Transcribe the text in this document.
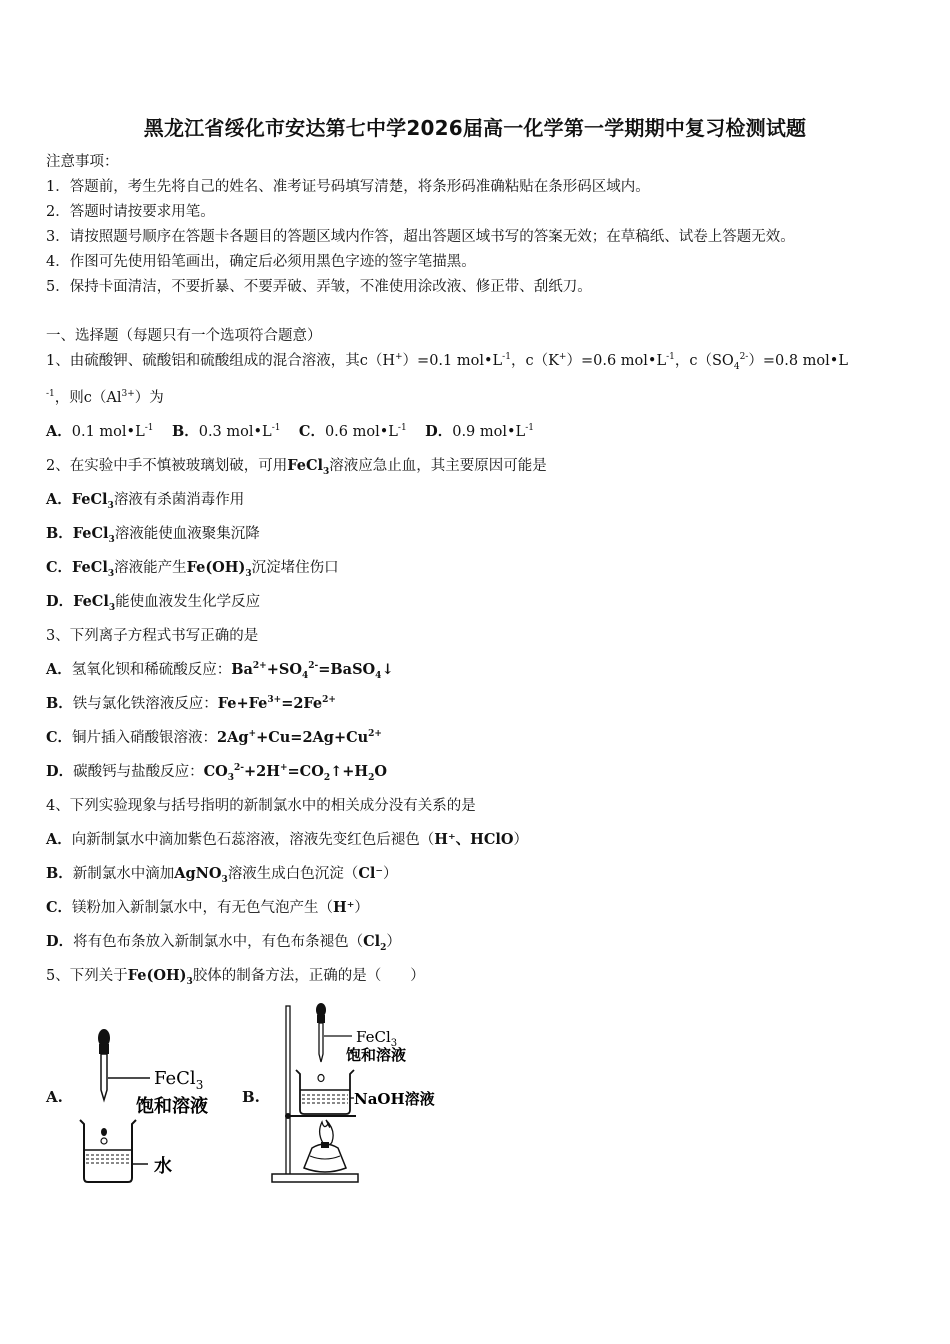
黑龙江省绥化市安达第七中学2026届高一化学第一学期期中复习检测试题
注意事项：
1．答题前，考生先将自己的姓名、准考证号码填写清楚，将条形码准确粘贴在条形码区域内。
2．答题时请按要求用笔。
3．请按照题号顺序在答题卡各题目的答题区域内作答，超出答题区域书写的答案无效；在草稿纸、试卷上答题无效。
4．作图可先使用铅笔画出，确定后必须用黑色字迹的签字笔描黑。
5．保持卡面清洁，不要折暴、不要弄破、弄皱，不准使用涂改液、修正带、刮纸刀。
一、选择题（每题只有一个选项符合题意）
1、由硫酸钾、硫酸铝和硫酸组成的混合溶液，其c（H+）=0.1 $mol•L^{-1}$，c（K+）=0.6 $mol•L^{-1}$，$c(SO_4^{2-})=0.8$ mol•L
$^{-1}$，则$c(Al^{3+})$为
A．0.1 $mol•L^{-1}$ B．0.3 $mol•L^{-1}$ C．0.6 $mol•L^{-1}$ D．0.9 $mol•L^{-1}$
2、在实验中手不慎被玻璃划破，可用FeCl$_3$溶液应急止血，其主要原因可能是
A．FeCl$_3$溶液有杀菌消毒作用
B．FeCl$_3$溶液能使血液聚集沉降
C．FeCl$_3$溶液能产生$Fe(OH)_3$沉淀堵住伤口
D．FeCl$_3$能使血液发生化学反应
3、下列离子方程式书写正确的是
A．氢氧化钡和稀硫酸反应：$Ba^{2+}+SO_4^{2-}=BaSO_4↓$
B．铁与氯化铁溶液反应：$Fe+Fe^{3+}=2Fe^{2+}$
C．铜片插入硝酸银溶液：$2Ag^++Cu=2Ag+Cu^{2+}$
D．碳酸钙与盐酸反应：$CO_3^{2-}+2H^+=CO_2↑+H_2O$
4、下列实验现象与括号指明的新制氯水中的相关成分没有关系的是
A．向新制氯水中滴加紫色石蕊溶液，溶液先变红色后褪色（H⁺、HClO）
B．新制氯水中滴加AgNO$_3$溶液生成白色沉淀（Cl⁻）
C．镁粉加入新制氯水中，有无色气泡产生（H⁺）
D．将有色布条放入新制氯水中，有色布条褪色$(Cl_2)$
5、下列关于$Fe(OH)_3$胶体的制备方法，正确的是（　　）
A.	B.
FeCl$_3$
饱和溶液
水
FeCl$_3$
饱和溶液
NaOH溶液
